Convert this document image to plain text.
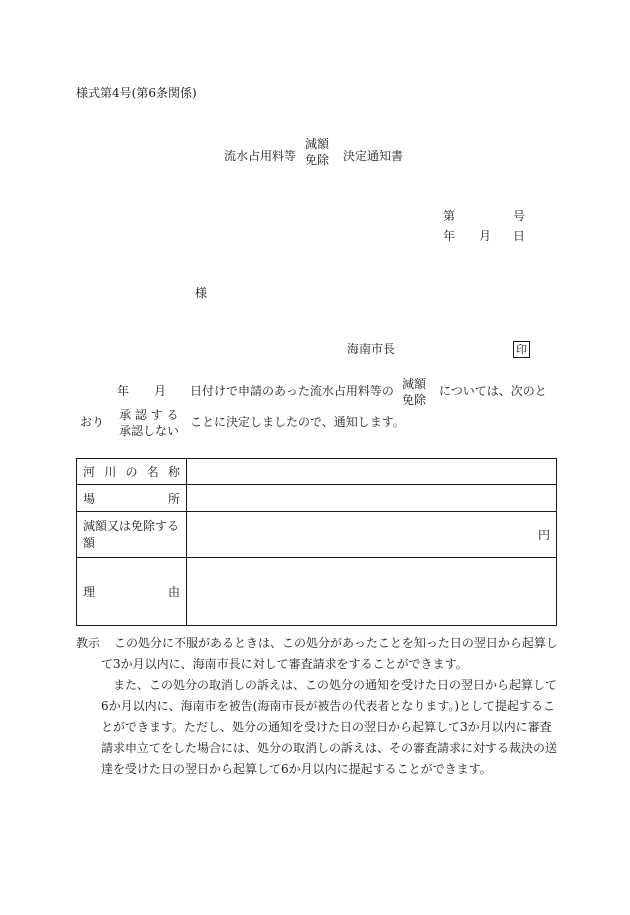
様式第4号(第6条関係)
流水占用料等
減額
免除 決定通知書
第	号
年 月 日
様
海南市長	印
年 月 日付けで申請のあった流水占用料等の 減額
免除
については、次のと
おり 承 認 す る
承認しない
ことに決定しましたので、通知します。
河 川 の 名 称	

場 所	

減額又は免除する額	円

理 由	

教示 この処分に不服があるときは、この処分があったことを知った日の翌日から起算して3か月以内に、海南市長に対して審査請求をすることができます。

また、この処分の取消しの訴えは、この処分の通知を受けた日の翌日から起算して6か月以内に、海南市を被告(海南市長が被告の代表者となります。)として提起することができます。ただし、処分の通知を受けた日の翌日から起算して3か月以内に審査請求申立てをした場合には、処分の取消しの訴えは、その審査請求に対する裁決の送達を受けた日の翌日から起算して6か月以内に提起することができます。
